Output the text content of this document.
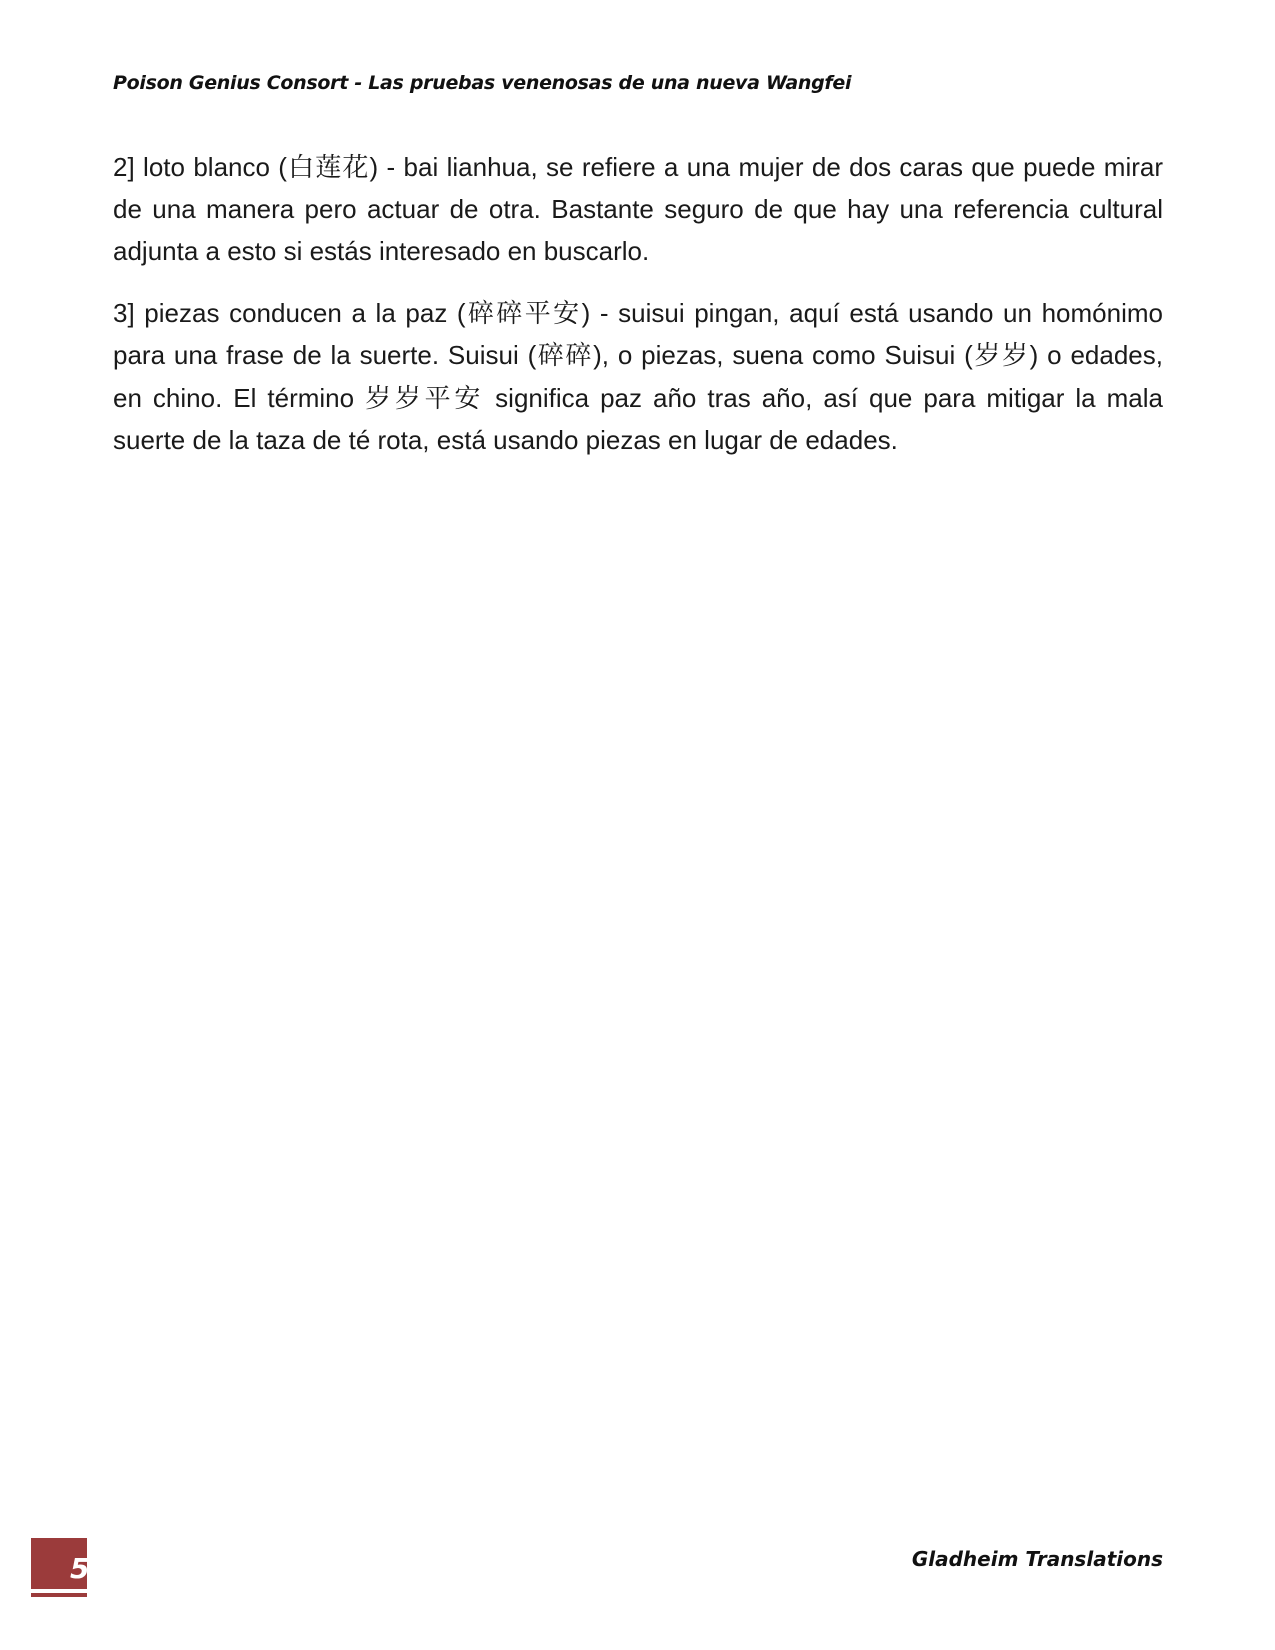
Poison Genius Consort - Las pruebas venenosas de una nueva Wangfei

2] loto blanco (白莲花) - bai lianhua, se refiere a una mujer de dos caras que puede mirar de una manera pero actuar de otra. Bastante seguro de que hay una referencia cultural adjunta a esto si estás interesado en buscarlo.

3] piezas conducen a la paz (碎碎平安) - suisui pingan, aquí está usando un homónimo para una frase de la suerte. Suisui (碎碎), o piezas, suena como Suisui (岁岁) o edades, en chino. El término 岁岁平安 significa paz año tras año, así que para mitigar la mala suerte de la taza de té rota, está usando piezas en lugar de edades.

5	Gladheim Translations
